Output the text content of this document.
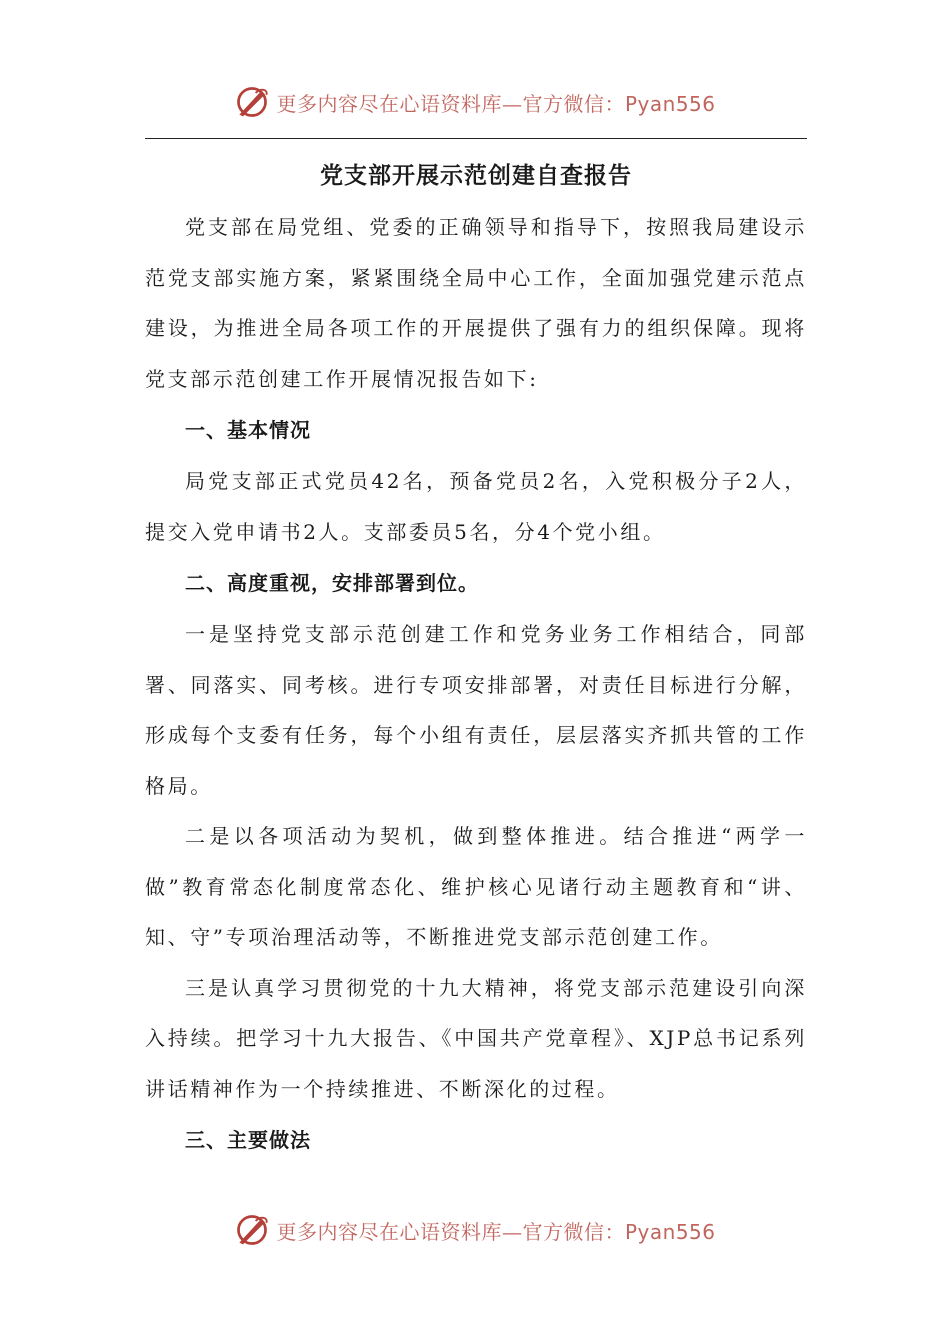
更多内容尽在心语资料库—官方微信：Pyan556
党支部开展示范创建自查报告

党支部在局党组、党委的正确领导和指导下，按照我局建设示范党支部实施方案，紧紧围绕全局中心工作，全面加强党建示范点建设，为推进全局各项工作的开展提供了强有力的组织保障。现将党支部示范创建工作开展情况报告如下:

一、基本情况

局党支部正式党员42名，预备党员2名，入党积极分子2人，提交入党申请书2人。支部委员5名，分4个党小组。

二、高度重视，安排部署到位。

一是坚持党支部示范创建工作和党务业务工作相结合，同部署、同落实、同考核。进行专项安排部署，对责任目标进行分解，形成每个支委有任务，每个小组有责任，层层落实齐抓共管的工作格局。

二是以各项活动为契机，做到整体推进。结合推进“两学一做”教育常态化制度常态化、维护核心见诸行动主题教育和“讲、知、守”专项治理活动等，不断推进党支部示范创建工作。

三是认真学习贯彻党的十九大精神，将党支部示范建设引向深入持续。把学习十九大报告、《中国共产党章程》、XJP总书记系列讲话精神作为一个持续推进、不断深化的过程。

三、主要做法

更多内容尽在心语资料库—官方微信：Pyan556
